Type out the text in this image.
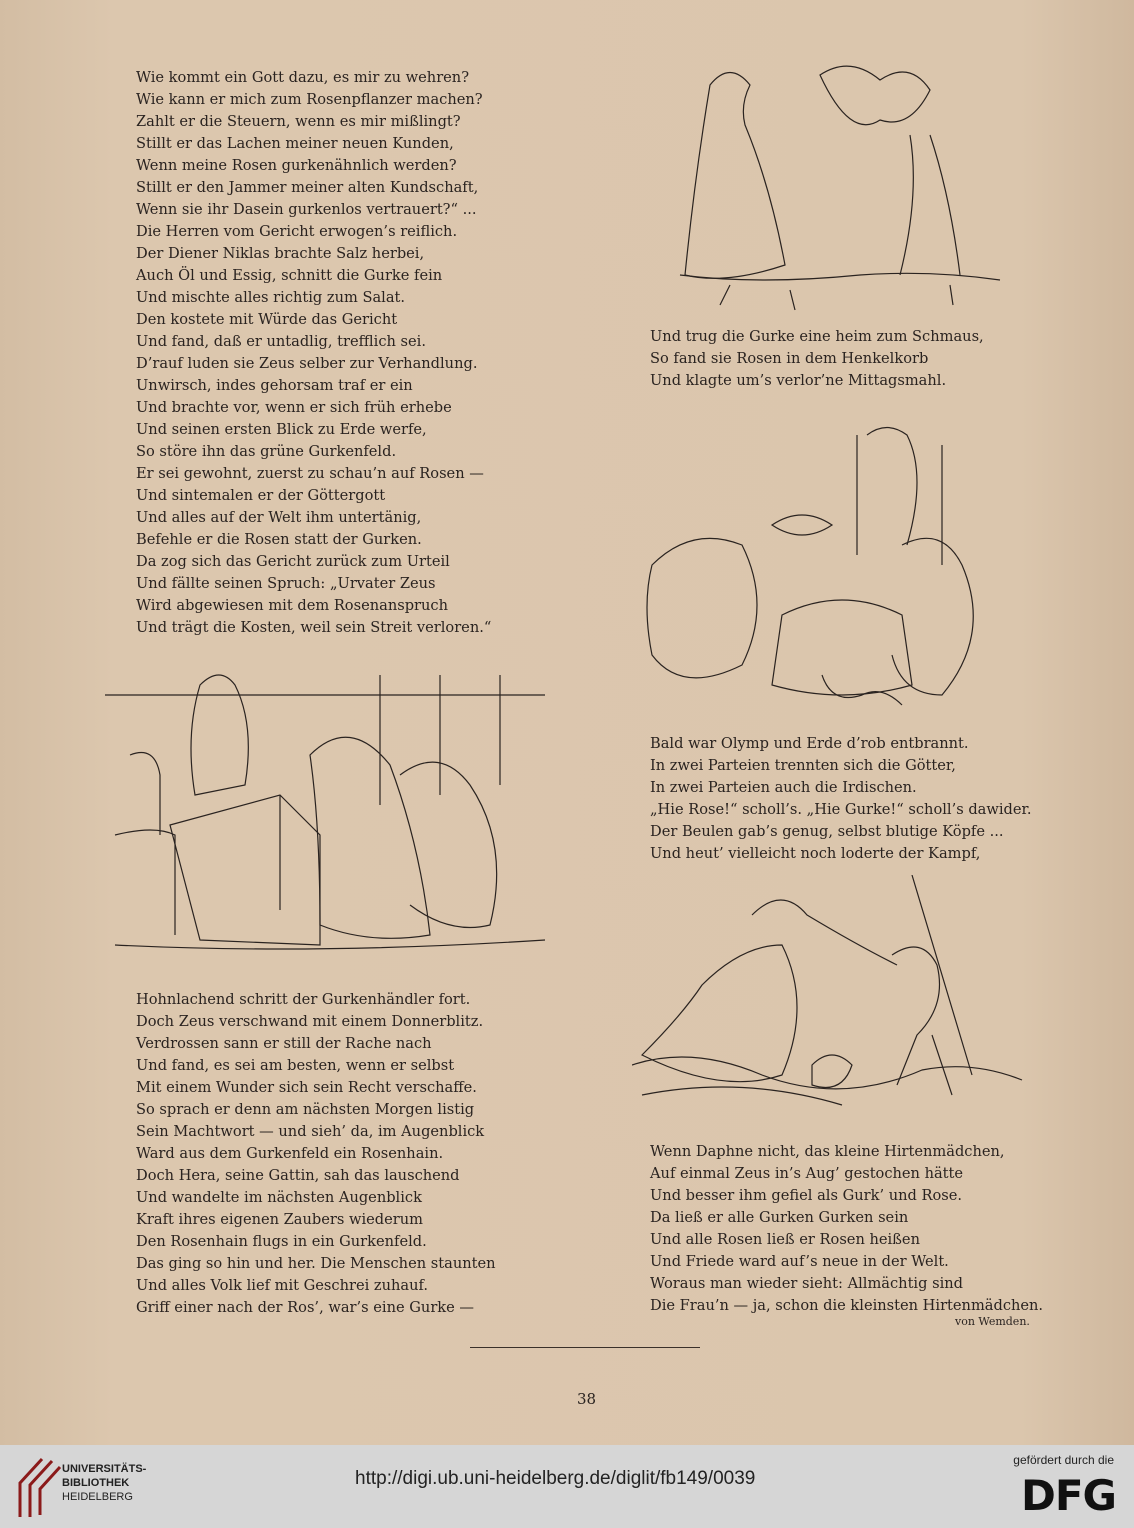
Wie kommt ein Gott dazu, es mir zu wehren?
Wie kann er mich zum Rosenpflanzer machen?
Zahlt er die Steuern, wenn es mir mißlingt?
Stillt er das Lachen meiner neuen Kunden,
Wenn meine Rosen gurkenähnlich werden?
Stillt er den Jammer meiner alten Kundschaft,
Wenn sie ihr Dasein gurkenlos vertrauert?“ ...
Die Herren vom Gericht erwogen’s reiflich.
Der Diener Niklas brachte Salz herbei,
Auch Öl und Essig, schnitt die Gurke fein
Und mischte alles richtig zum Salat.
Den kostete mit Würde das Gericht
Und fand, daß er untadlig, trefflich sei.
D’rauf luden sie Zeus selber zur Verhandlung.
Unwirsch, indes gehorsam traf er ein
Und brachte vor, wenn er sich früh erhebe
Und seinen ersten Blick zu Erde werfe,
So störe ihn das grüne Gurkenfeld.
Er sei gewohnt, zuerst zu schau’n auf Rosen —
Und sintemalen er der Göttergott
Und alles auf der Welt ihm untertänig,
Befehle er die Rosen statt der Gurken.
Da zog sich das Gericht zurück zum Urteil
Und fällte seinen Spruch: „Urvater Zeus
Wird abgewiesen mit dem Rosenanspruch
Und trägt die Kosten, weil sein Streit verloren.“
Und trug die Gurke eine heim zum Schmaus,
So fand sie Rosen in dem Henkelkorb
Und klagte um’s verlor’ne Mittagsmahl.
Bald war Olymp und Erde d’rob entbrannt.
In zwei Parteien trennten sich die Götter,
In zwei Parteien auch die Irdischen.
„Hie Rose!“ scholl’s. „Hie Gurke!“ scholl’s dawider.
Der Beulen gab’s genug, selbst blutige Köpfe ...
Und heut’ vielleicht noch loderte der Kampf,
Hohnlachend schritt der Gurkenhändler fort.
Doch Zeus verschwand mit einem Donnerblitz.
Verdrossen sann er still der Rache nach
Und fand, es sei am besten, wenn er selbst
Mit einem Wunder sich sein Recht verschaffe.
So sprach er denn am nächsten Morgen listig
Sein Machtwort — und sieh’ da, im Augenblick
Ward aus dem Gurkenfeld ein Rosenhain.
Doch Hera, seine Gattin, sah das lauschend
Und wandelte im nächsten Augenblick
Kraft ihres eigenen Zaubers wiederum
Den Rosenhain flugs in ein Gurkenfeld.
Das ging so hin und her. Die Menschen staunten
Und alles Volk lief mit Geschrei zuhauf.
Griff einer nach der Ros’, war’s eine Gurke —
Wenn Daphne nicht, das kleine Hirtenmädchen,
Auf einmal Zeus in’s Aug’ gestochen hätte
Und besser ihm gefiel als Gurk’ und Rose.
Da ließ er alle Gurken Gurken sein
Und alle Rosen ließ er Rosen heißen
Und Friede ward auf’s neue in der Welt.
Woraus man wieder sieht: Allmächtig sind
Die Frau’n — ja, schon die kleinsten Hirtenmädchen.
von Wemden.
38
UNIVERSITÄTS-
BIBLIOTHEK
HEIDELBERG
http://digi.ub.uni-heidelberg.de/diglit/fb149/0039
gefördert durch die
DFG
